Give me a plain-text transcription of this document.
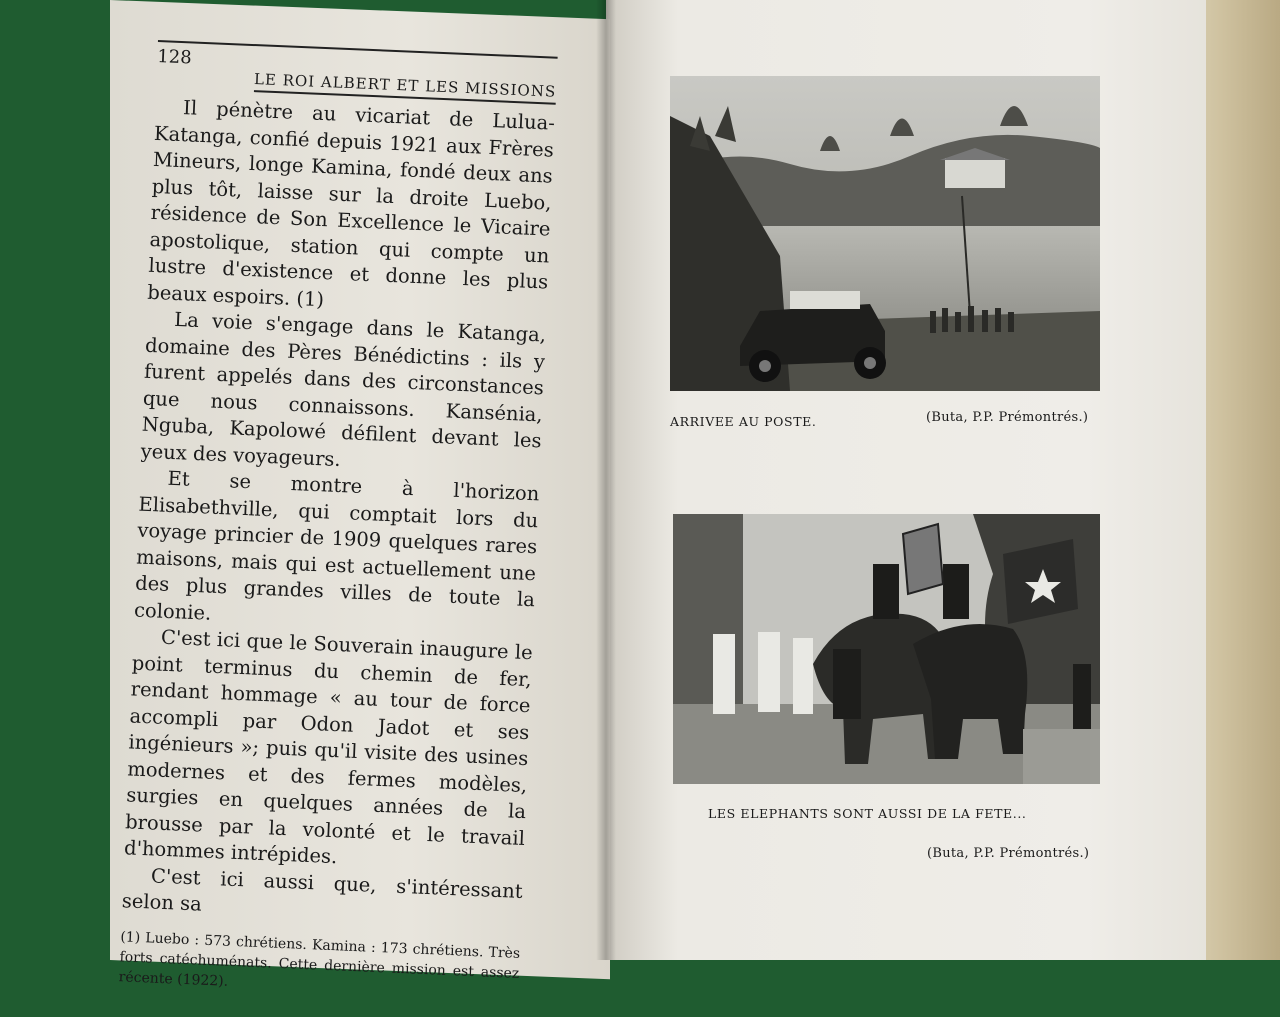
128
LE ROI ALBERT ET LES MISSIONS

Il pénètre au vicariat de Lulua-Katanga, confié depuis 1921 aux Frères Mineurs, longe Kamina, fondé deux ans plus tôt, laisse sur la droite Luebo, résidence de Son Excellence le Vicaire apostolique, station qui compte un lustre d'existence et donne les plus beaux espoirs. (1)

La voie s'engage dans le Katanga, domaine des Pères Bénédictins : ils y furent appelés dans des circonstances que nous connaissons. Kansénia, Nguba, Kapolowé défilent devant les yeux des voyageurs.

Et se montre à l'horizon Elisabethville, qui comptait lors du voyage princier de 1909 quelques rares maisons, mais qui est actuellement une des plus grandes villes de toute la colonie.

C'est ici que le Souverain inaugure le point terminus du chemin de fer, rendant hommage « au tour de force accompli par Odon Jadot et ses ingénieurs »; puis qu'il visite des usines modernes et des fermes modèles, surgies en quelques années de la brousse par la volonté et le travail d'hommes intrépides.

C'est ici aussi que, s'intéressant selon sa

(1) Luebo : 573 chrétiens. Kamina : 173 chrétiens. Très forts catéchuménats. Cette dernière mission est assez récente (1922).

ARRIVEE AU POSTE.	(Buta, P.P. Prémontrés.)
LES ELEPHANTS SONT AUSSI DE LA FETE...
(Buta, P.P. Prémontrés.)
